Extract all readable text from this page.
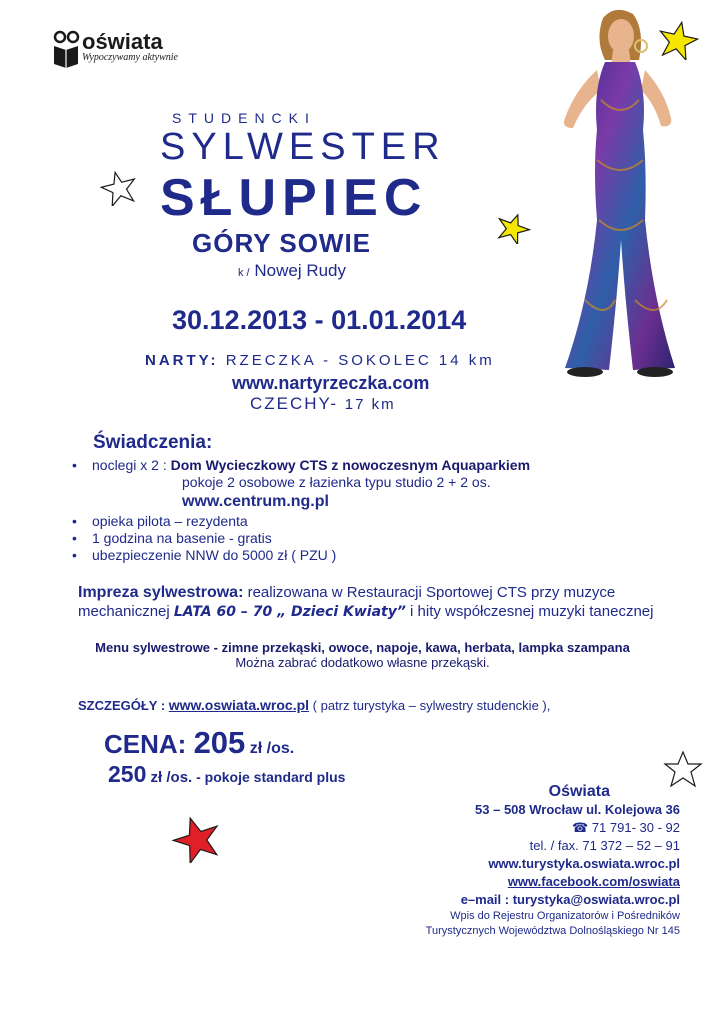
oświata
Wypoczywamy aktywnie
STUDENCKI
SYLWESTER
SŁUPIEC
GÓRY SOWIE
k / Nowej Rudy
30.12.2013 - 01.01.2014
NARTY: RZECZKA - SOKOLEC 14 km
www.nartyrzeczka.com
CZECHY- 17 km
Świadczenia:
• noclegi x 2 : Dom Wycieczkowy CTS z nowoczesnym Aquaparkiem
pokoje 2 osobowe z łazienka typu studio 2 + 2 os.
www.centrum.ng.pl
• opieka pilota – rezydenta
• 1 godzina na basenie - gratis
• ubezpieczenie NNW do 5000 zł ( PZU )
Impreza sylwestrowa: realizowana w Restauracji Sportowej CTS przy muzyce mechanicznej LATA 60 – 70 „ Dzieci Kwiaty” i hity współczesnej muzyki tanecznej
Menu sylwestrowe - zimne przekąski, owoce, napoje, kawa, herbata, lampka szampana
Można zabrać dodatkowo własne przekąski.
SZCZEGÓŁY : www.oswiata.wroc.pl ( patrz turystyka – sylwestry studenckie ),
CENA: 205 zł /os.
250 zł /os. - pokoje standard plus
Oświata
53 – 508 Wrocław ul. Kolejowa 36
☎ 71 791- 30 - 92
tel. / fax. 71 372 – 52 – 91
www.turystyka.oswiata.wroc.pl
www.facebook.com/oswiata
e–mail : turystyka@oswiata.wroc.pl
Wpis do Rejestru Organizatorów i Pośredników
Turystycznych Województwa Dolnośląskiego Nr 145
